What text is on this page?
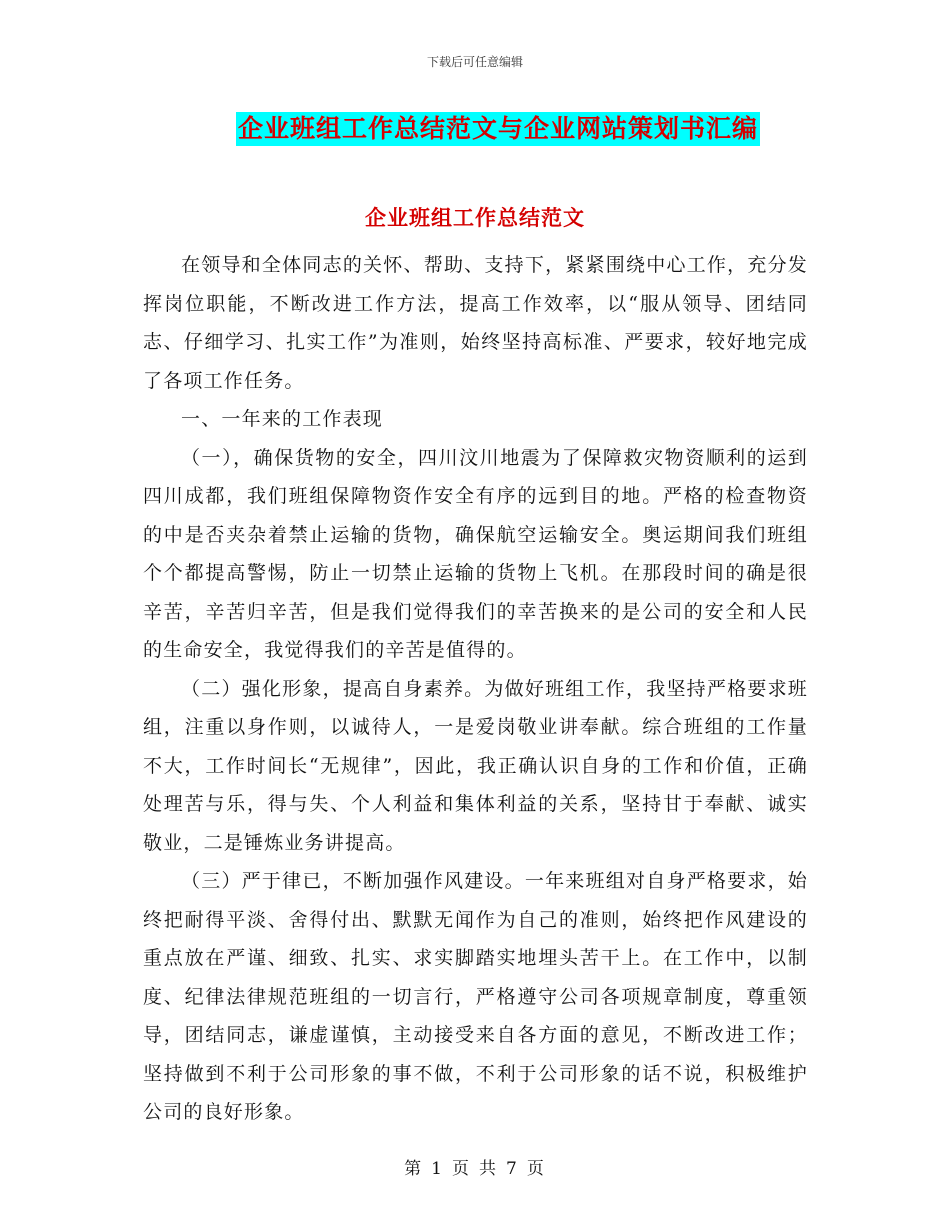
下载后可任意编辑
企业班组工作总结范文与企业网站策划书汇编
企业班组工作总结范文

在领导和全体同志的关怀、帮助、支持下，紧紧围绕中心工作，充分发挥岗位职能，不断改进工作方法，提高工作效率，以“服从领导、团结同志、仔细学习、扎实工作”为准则，始终坚持高标准、严要求，较好地完成了各项工作任务。

一、一年来的工作表现

（一），确保货物的安全，四川汶川地震为了保障救灾物资顺利的运到四川成都，我们班组保障物资作安全有序的远到目的地。严格的检查物资的中是否夹杂着禁止运输的货物，确保航空运输安全。奥运期间我们班组个个都提高警惕，防止一切禁止运输的货物上飞机。在那段时间的确是很辛苦，辛苦归辛苦，但是我们觉得我们的幸苦换来的是公司的安全和人民的生命安全，我觉得我们的辛苦是值得的。

（二）强化形象，提高自身素养。为做好班组工作，我坚持严格要求班组，注重以身作则，以诚待人，一是爱岗敬业讲奉献。综合班组的工作量不大，工作时间长“无规律”，因此，我正确认识自身的工作和价值，正确处理苦与乐，得与失、个人利益和集体利益的关系，坚持甘于奉献、诚实敬业，二是锤炼业务讲提高。

（三）严于律已，不断加强作风建设。一年来班组对自身严格要求，始终把耐得平淡、舍得付出、默默无闻作为自己的准则，始终把作风建设的重点放在严谨、细致、扎实、求实脚踏实地埋头苦干上。在工作中，以制度、纪律法律规范班组的一切言行，严格遵守公司各项规章制度，尊重领导，团结同志，谦虚谨慎，主动接受来自各方面的意见，不断改进工作；坚持做到不利于公司形象的事不做，不利于公司形象的话不说，积极维护公司的良好形象。

第 1 页 共 7 页
